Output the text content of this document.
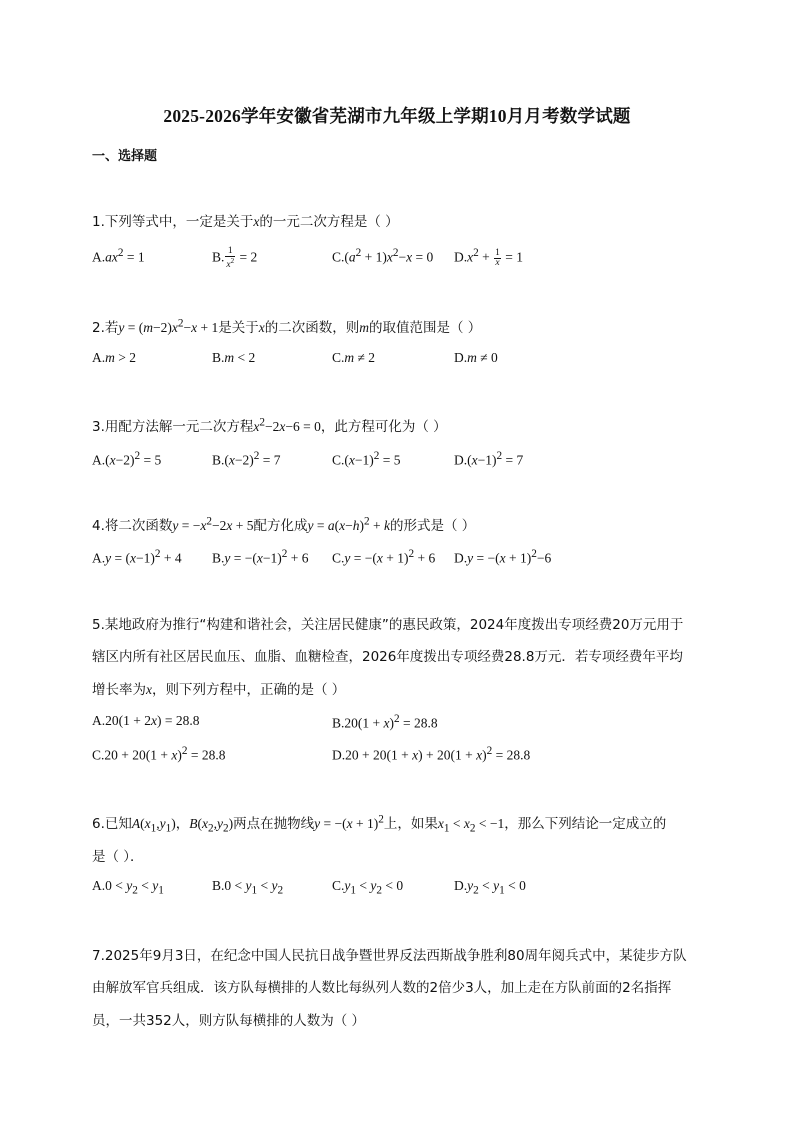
2025-2026学年安徽省芜湖市九年级上学期10月月考数学试题
一、选择题
1.下列等式中，一定是关于x的一元二次方程是（ ）
$A.ax^2 = 1$	B. $\frac{1}{x^2} = 2$	$C.(a^2 + 1)x^2-x = 0$ $D.x^2 + \frac{1}{x} = 1$
2.若$y = (m-2)x^2-x + 1$是关于x的二次函数，则m的取值范围是（ ）
A.m > 2	B.m < 2	C.m ≠ 2	D.m ≠ 0
3.用配方法解一元二次方程$x^2-2x-6 = 0$，此方程可化为（ ）
$A.(x-2)^2 = 5$	$B.(x-2)^2 = 7$	$C.(x-1)^2 = 5$	$D.(x-1)^2 = 7$
4.将二次函数$y = -x^2-2x + 5$配方化成$y = a(x-h)^2 + k$的形式是（ ）
$A.y = (x-1)^2 + 4$ $B.y = -(x-1)^2 + 6$ $C.y = -(x + 1)^2 + 6$ $D.y = -(x + 1)^2-6$
5.某地政府为推行“构建和谐社会，关注居民健康”的惠民政策，2024年度拨出专项经费20万元用于
辖区内所有社区居民血压、血脂、血糖检查，2026年度拨出专项经费28.8万元．若专项经费年平均
增长率为x，则下列方程中，正确的是（ ）
A.20(1 + 2x) = 28.8	$B.20(1 + x)^2 = 28.8$
$C.20 + 20(1 + x)^2 = 28.8$	$D.20 + 20(1 + x) + 20(1 + x)^2 = 28.8$
6.已知$A(x_1,y_1)$，$B(x_2,y_2)$两点在抛物线$y = -(x + 1)^2$上，如果$x_1 < x_2 < -1$，那么下列结论一定成立的
是（ ）．
$A.0 < y_2 < y_1$	$B.0 < y_1 < y_2$	$C.y_1 < y_2 < 0$	$D.y_2 < y_1 < 0$
7.2025年9月3日，在纪念中国人民抗日战争暨世界反法西斯战争胜利80周年阅兵式中，某徒步方队
由解放军官兵组成．该方队每横排的人数比每纵列人数的2倍少3人，加上走在方队前面的2名指挥
员，一共352人，则方队每横排的人数为（ ）
